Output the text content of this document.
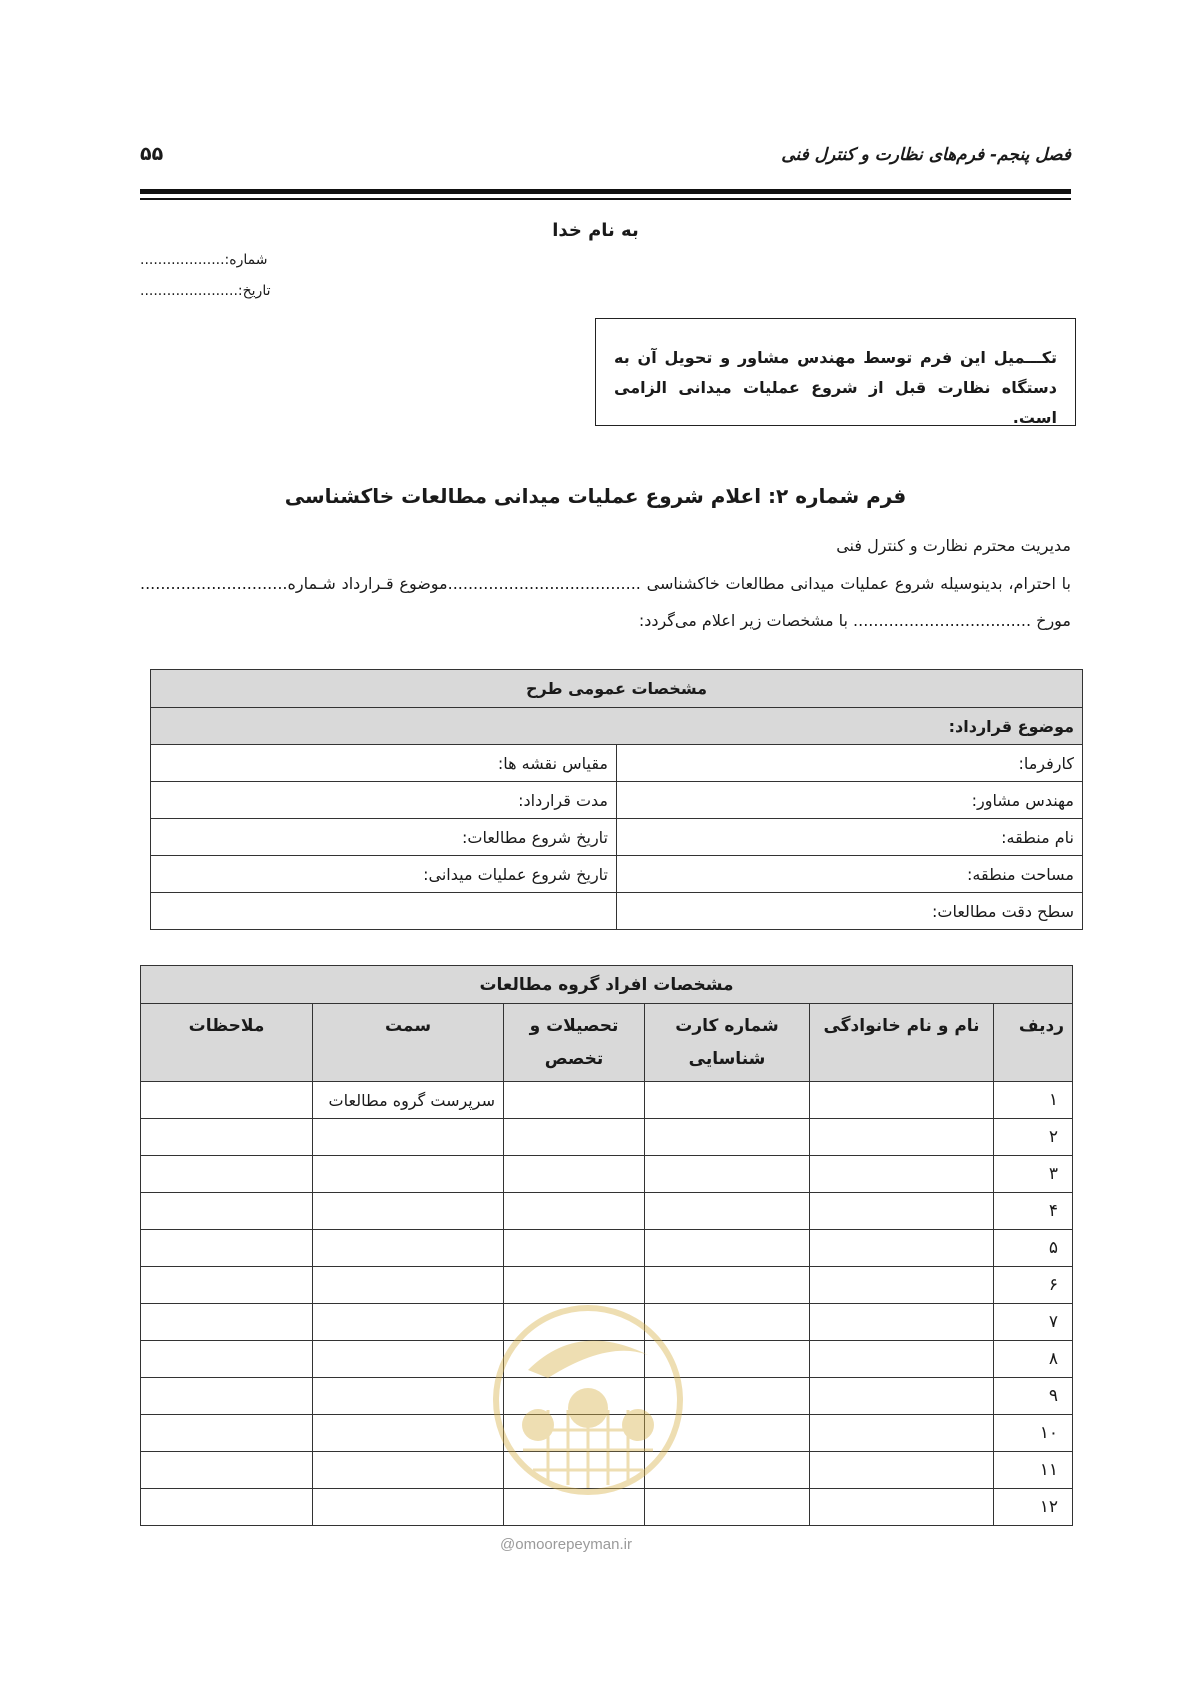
۵۵	فصل پنجم- فرم‌های نظارت و کنترل فنی
به نام خدا
شماره:...................
تاریخ:......................
تکـــمیل این فرم توسط مهندس مشاور و تحویل آن به دستگاه نظارت قبل از شروع عملیات میدانی الزامی است.
فرم شماره ۲: اعلام شروع عملیات میدانی مطالعات خاکشناسی
مدیریت محترم نظارت و کنترل فنی
با احترام، بدینوسیله شروع عملیات میدانی مطالعات خاکشناسی ......................................موضوع قـرارداد شـماره.............................
مورخ ................................... با مشخصات زیر اعلام می‌گردد:
مشخصات عمومی طرح	
موضوع قرارداد:	
کارفرما:	مقیاس نقشه ها:
مهندس مشاور:	مدت قرارداد:
نام منطقه:	تاریخ شروع مطالعات:
مساحت منطقه:	تاریخ شروع عملیات میدانی:
سطح دقت مطالعات:	
مشخصات افراد گروه مطالعات					
ردیف	نام و نام خانوادگی	شماره کارت شناسایی	تحصیلات و تخصص	سمت	ملاحظات
۱				سرپرست گروه مطالعات	
۲					
۳					
۴					
۵					
۶					
۷					
۸					
۹					
۱۰					
۱۱					
۱۲					
@omoorepeyman.ir
